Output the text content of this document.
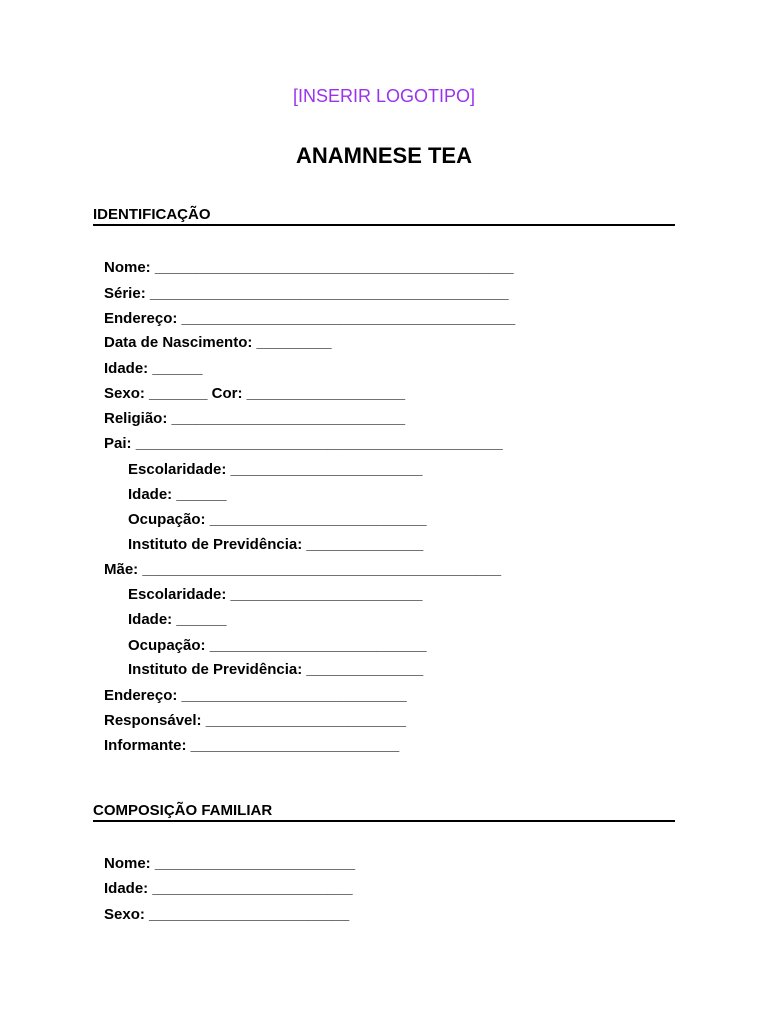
[INSERIR LOGOTIPO]
ANAMNESE TEA
IDENTIFICAÇÃO
Nome: ___________________________________________
Série: ___________________________________________
Endereço: ________________________________________
Data de Nascimento: _________
Idade: ______
Sexo: _______ Cor: ___________________
Religião: ____________________________
Pai: ____________________________________________
Escolaridade: _______________________
Idade: ______
Ocupação: __________________________
Instituto de Previdência: ______________
Mãe: ___________________________________________
Escolaridade: _______________________
Idade: ______
Ocupação: __________________________
Instituto de Previdência: ______________
Endereço: ___________________________
Responsável: ________________________
Informante: _________________________
COMPOSIÇÃO FAMILIAR
Nome: ________________________
Idade: ________________________
Sexo: ________________________
